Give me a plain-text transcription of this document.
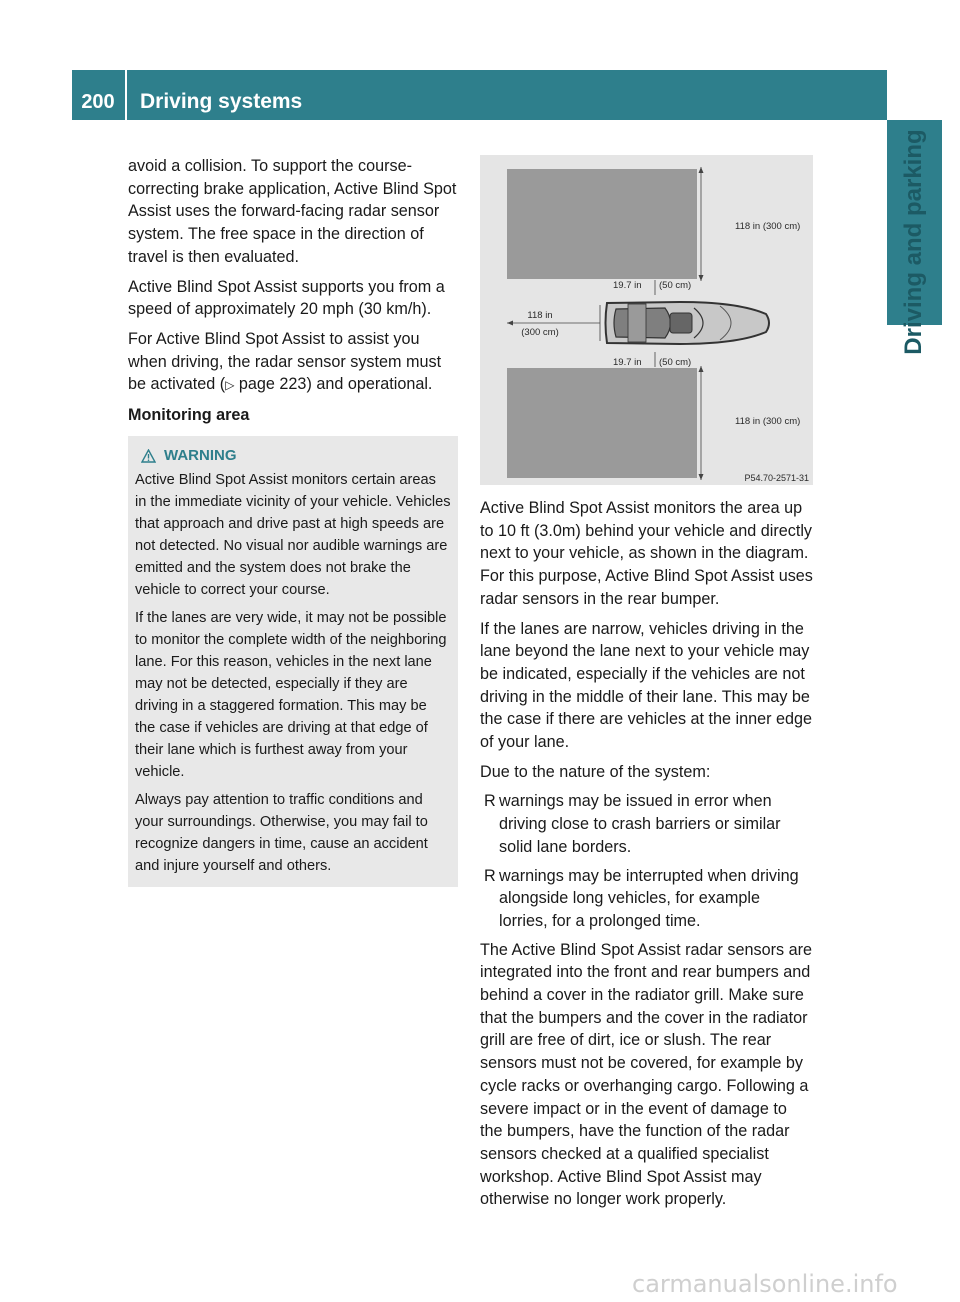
200	Driving systems
Driving and parking

avoid a collision. To support the course-correcting brake application, Active Blind Spot Assist uses the forward-facing radar sensor system. The free space in the direction of travel is then evaluated.

Active Blind Spot Assist supports you from a speed of approximately 20 mph (30 km/h).

For Active Blind Spot Assist to assist you when driving, the radar sensor system must be activated (▷ page 223) and operational.

Monitoring area

WARNING

Active Blind Spot Assist monitors certain areas in the immediate vicinity of your vehicle. Vehicles that approach and drive past at high speeds are not detected. No visual nor audible warnings are emitted and the system does not brake the vehicle to correct your course.

If the lanes are very wide, it may not be possible to monitor the complete width of the neighboring lane. For this reason, vehicles in the next lane may not be detected, especially if they are driving in a staggered formation. This may be the case if vehicles are driving at that edge of their lane which is furthest away from your vehicle.

Always pay attention to traffic conditions and your surroundings. Otherwise, you may fail to recognize dangers in time, cause an accident and injure yourself and others.

118 in (300 cm)
118 in (300 cm)
19.7 in (50 cm)
19.7 in (50 cm)
118 in
(300 cm)
P54.70-2571-31

Active Blind Spot Assist monitors the area up to 10 ft (3.0m) behind your vehicle and directly next to your vehicle, as shown in the diagram. For this purpose, Active Blind Spot Assist uses radar sensors in the rear bumper.

If the lanes are narrow, vehicles driving in the lane beyond the lane next to your vehicle may be indicated, especially if the vehicles are not driving in the middle of their lane. This may be the case if there are vehicles at the inner edge of your lane.

Due to the nature of the system:

R warnings may be issued in error when driving close to crash barriers or similar solid lane borders.
R warnings may be interrupted when driving alongside long vehicles, for example lorries, for a prolonged time.

The Active Blind Spot Assist radar sensors are integrated into the front and rear bumpers and behind a cover in the radiator grill. Make sure that the bumpers and the cover in the radiator grill are free of dirt, ice or slush. The rear sensors must not be covered, for example by cycle racks or overhanging cargo. Following a severe impact or in the event of damage to the bumpers, have the function of the radar sensors checked at a qualified specialist workshop. Active Blind Spot Assist may otherwise no longer work properly.

carmanualsonline.info
